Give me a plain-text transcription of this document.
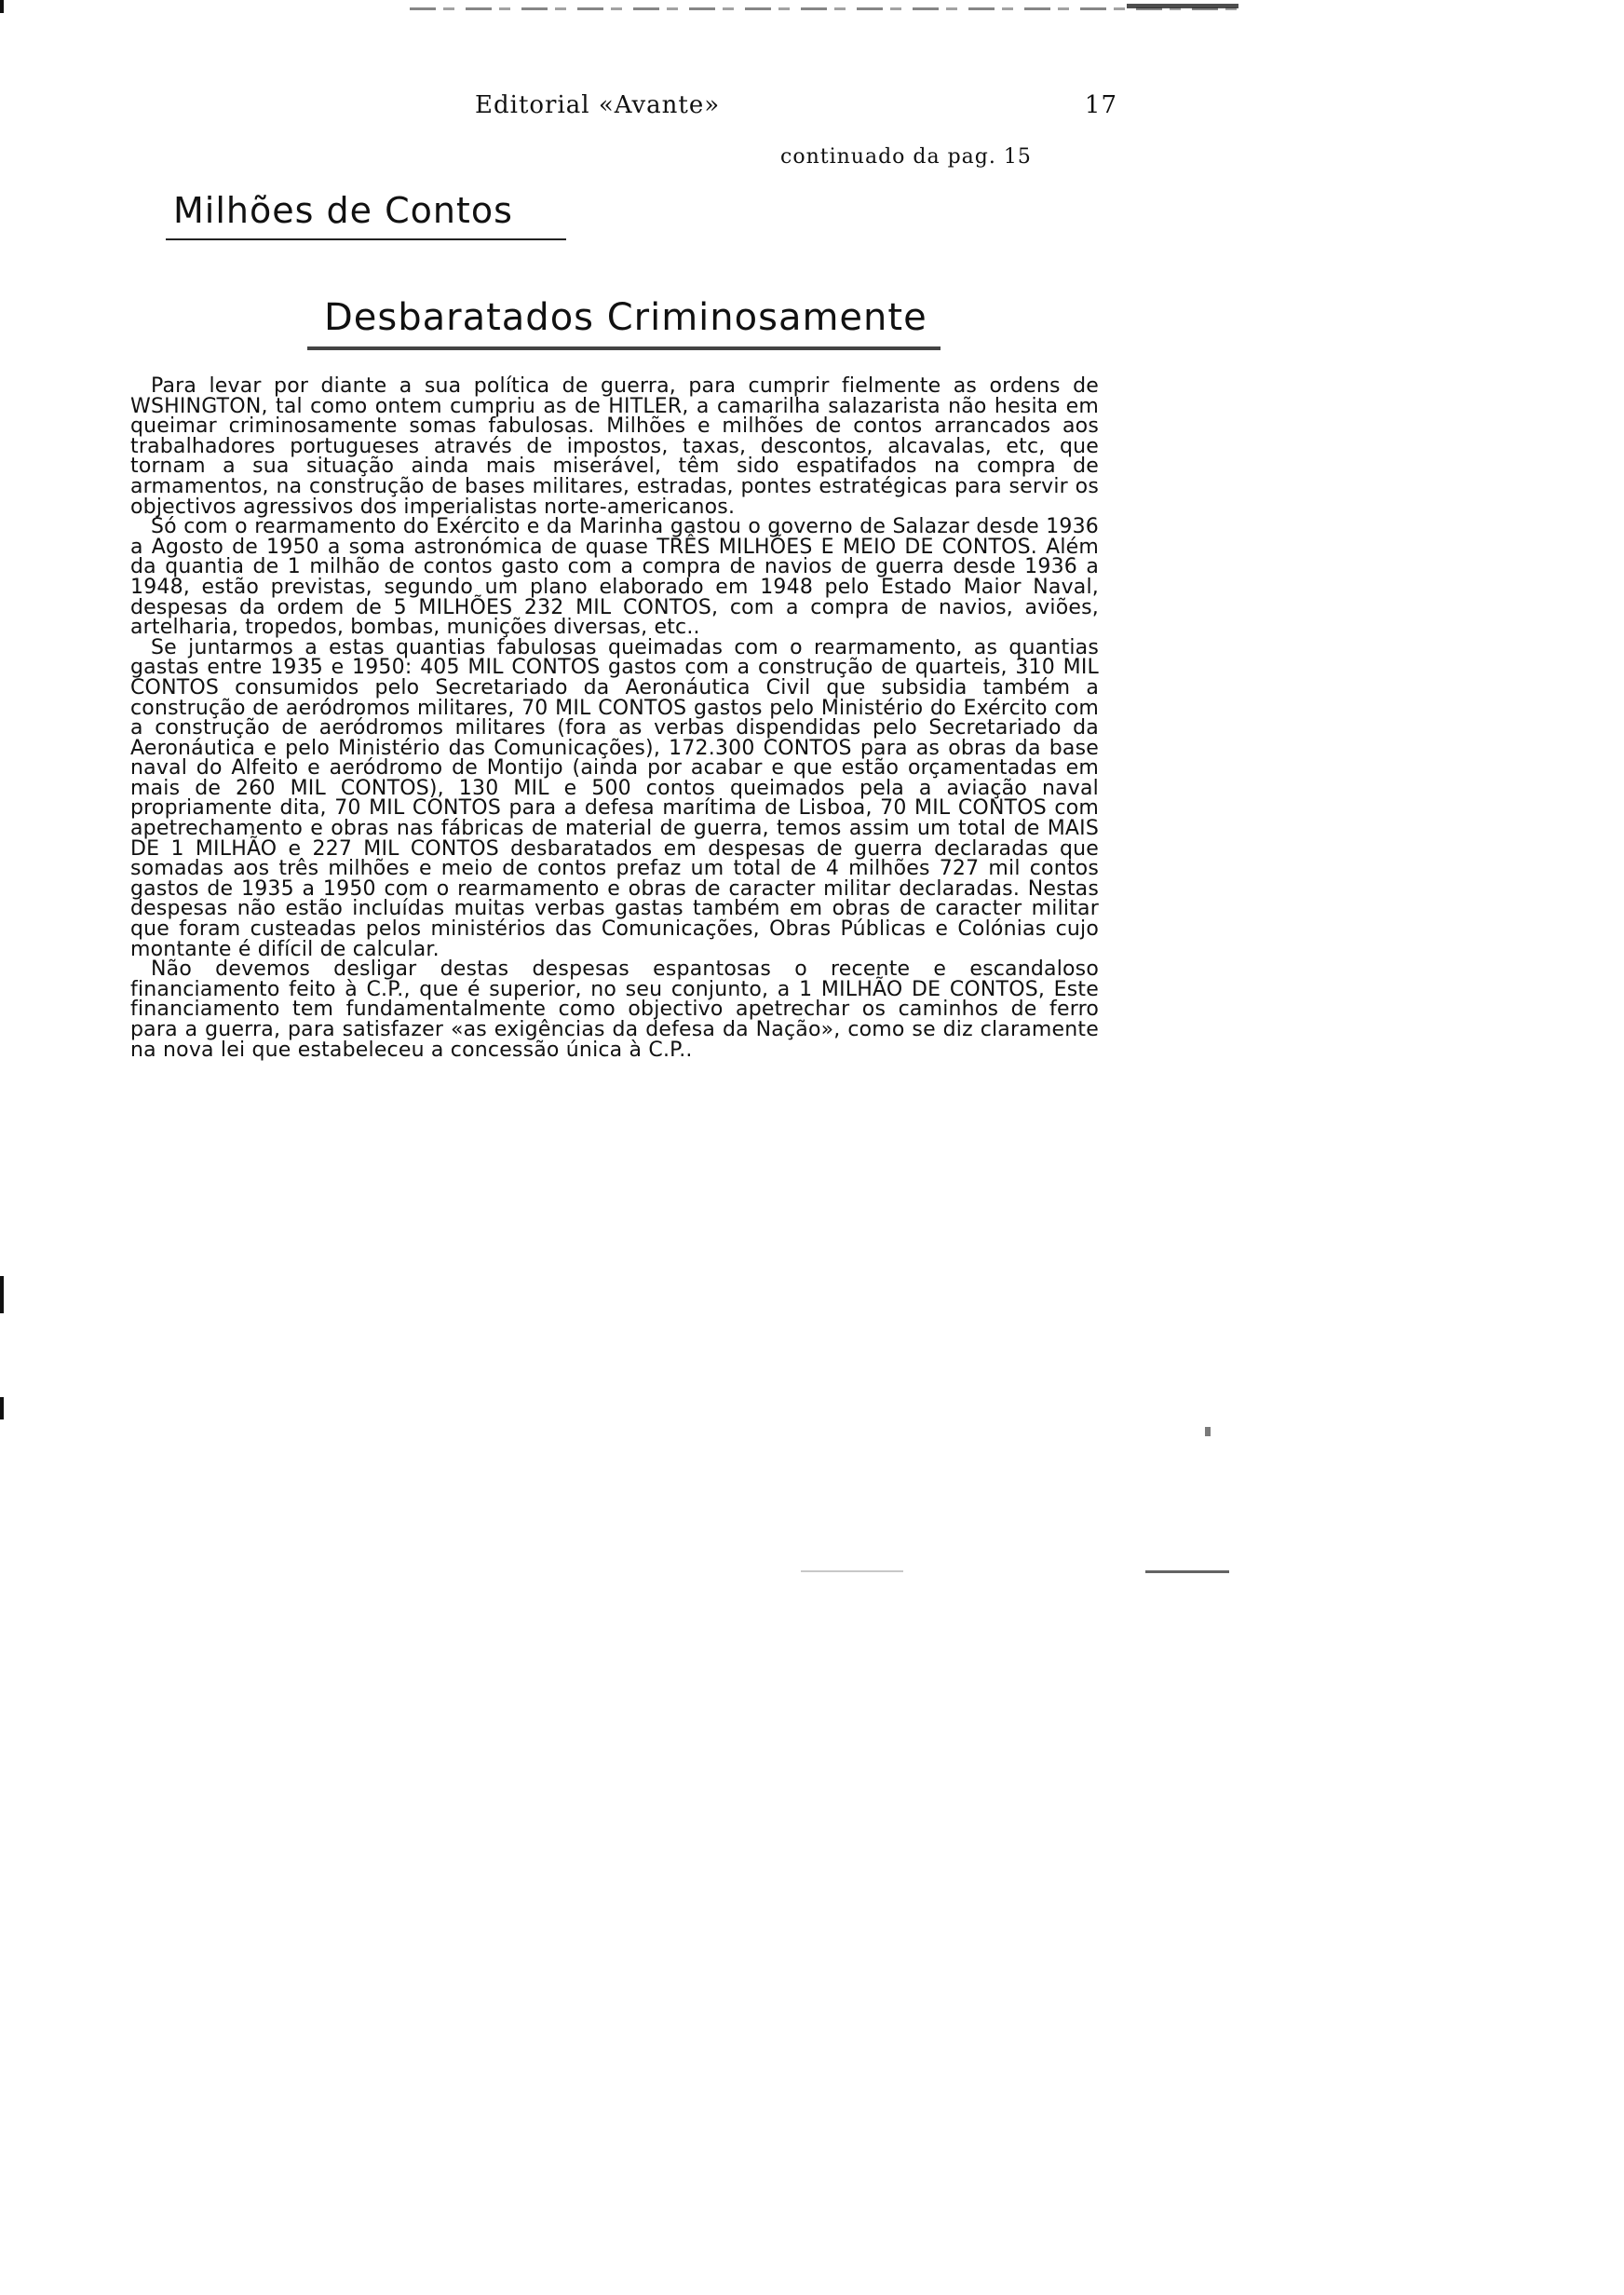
Editorial «Avante»	17
continuado da pag. 15
Milhões de Contos
Desbaratados Criminosamente

Para levar por diante a sua política de guerra, para cumprir fielmente as ordens de WSHINGTON, tal como ontem cumpriu as de HITLER, a camarilha salazarista não hesita em queimar criminosamente somas fabulosas. Milhões e milhões de contos arrancados aos trabalhadores portugueses através de impostos, taxas, descontos, alcavalas, etc, que tornam a sua situação ainda mais miserável, têm sido espatifados na compra de armamentos, na construção de bases militares, estradas, pontes estratégicas para servir os objectivos agressivos dos imperialistas norte-americanos.

Só com o rearmamento do Exército e da Marinha gastou o governo de Salazar desde 1936 a Agosto de 1950 a soma astronómica de quase TRÊS MILHÕES E MEIO DE CONTOS. Além da quantia de 1 milhão de contos gasto com a compra de navios de guerra desde 1936 a 1948, estão previstas, segundo um plano elaborado em 1948 pelo Estado Maior Naval, despesas da ordem de 5 MILHÕES 232 MIL CONTOS, com a compra de navios, aviões, artelharia, tropedos, bombas, munições diversas, etc..

Se juntarmos a estas quantias fabulosas queimadas com o rearmamento, as quantias gastas entre 1935 e 1950: 405 MIL CONTOS gastos com a construção de quarteis, 310 MIL CONTOS consumidos pelo Secretariado da Aeronáutica Civil que subsidia também a construção de aeródromos militares, 70 MIL CONTOS gastos pelo Ministério do Exército com a construção de aeródromos militares (fora as verbas dispendidas pelo Secretariado da Aeronáutica e pelo Ministério das Comunicações), 172.300 CONTOS para as obras da base naval do Alfeito e aeródromo de Montijo (ainda por acabar e que estão orçamentadas em mais de 260 MIL CONTOS), 130 MIL e 500 contos queimados pela a aviação naval propriamente dita, 70 MIL CONTOS para a defesa marítima de Lisboa, 70 MIL CONTOS com apetrechamento e obras nas fábricas de material de guerra, temos assim um total de MAIS DE 1 MILHÃO e 227 MIL CONTOS desbaratados em despesas de guerra declaradas que somadas aos três milhões e meio de contos prefaz um total de 4 milhões 727 mil contos gastos de 1935 a 1950 com o rearmamento e obras de caracter militar declaradas. Nestas despesas não estão incluídas muitas verbas gastas também em obras de caracter militar que foram custeadas pelos ministérios das Comunicações, Obras Públicas e Colónias cujo montante é difícil de calcular.

Não devemos desligar destas despesas espantosas o recente e escandaloso financiamento feito à C.P., que é superior, no seu conjunto, a 1 MILHÃO DE CONTOS, Este financiamento tem fundamentalmente como objectivo apetrechar os caminhos de ferro para a guerra, para satisfazer «as exigências da defesa da Nação», como se diz claramente na nova lei que estabeleceu a concessão única à C.P..
